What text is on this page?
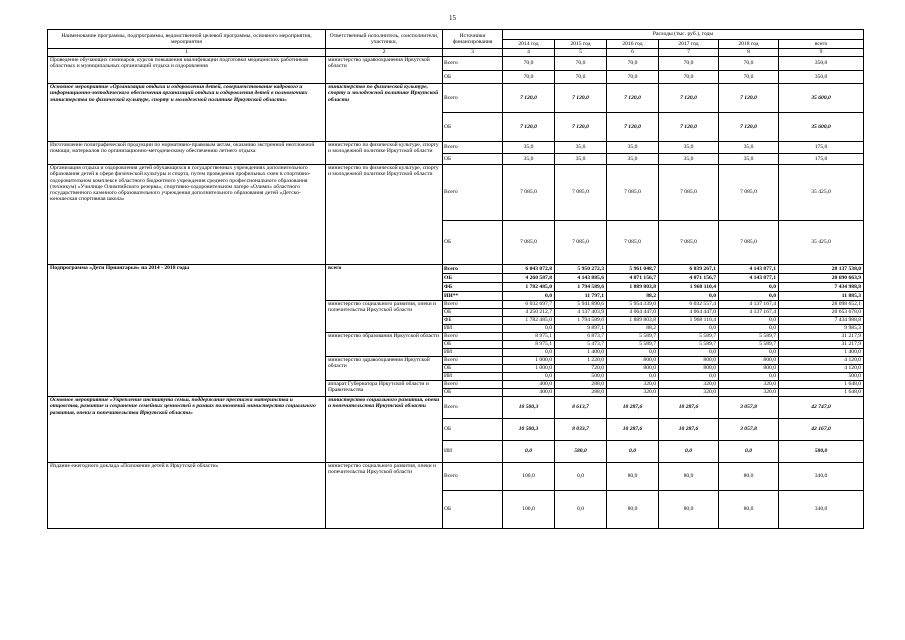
15
Наименование программы, подпрограммы, ведомственной целевой программы, основного мероприятия, мероприятия	Ответственный исполнитель, соисполнители, участники,	Источники финансирования	Расходы (тыс. руб.), годы					
			2014 год	2015 год	2016 год	2017 год	2018 год	всего
1	2	3	4	5	6	7	8	9
Проведение обучающих семинаров, курсов повышения квалификации подготовки медицинских работников областных и муниципальных организаций отдыха и оздоровления	министерство здравоохранения Иркутской области	Всего	70,0	70,0	70,0	70,0	70,0	350,0
		ОБ	70,0	70,0	70,0	70,0	70,0	350,0
Основное мероприятие «Организация отдыха и оздоровления детей, совершенствование кадрового и информационно-методического обеспечения организаций отдыха и оздоровления детей в полномочиях министерства по физической культуре, спорту и молодежной политике Иркутской области»	министерство по физической культуре, спорту и молодежной политике Иркутской области	Всего	7 120,0	7 120,0	7 120,0	7 120,0	7 120,0	35 600,0
		ОБ	7 120,0	7 120,0	7 120,0	7 120,0	7 120,0	35 600,0
Изготовление полиграфической продукции по нормативно-правовым актам, оказанию экстренной неотложной помощи, материалов по организационно-методическому обеспечению летнего отдыха	министерство по физической культуре, спорту и молодежной политике Иркутской области	Всего	35,0	35,0	35,0	35,0	35,0	175,0
		ОБ	35,0	35,0	35,0	35,0	35,0	175,0
Организация отдыха и оздоровления детей обучающихся в государственных учреждениях дополнительного образования детей в сфере физической культуры и спорта, путем проведения профильных смен в спортивно-оздоровительном комплексе областного бюджетного учреждения среднего профессионального образования (техникум) «Училище Олимпийского резерва», спортивно-оздоровительном лагере «Олимп» областного государственного казенного образовательного учреждения дополнительного образования детей «Детско-юношеская спортивная школа»	министерство по физической культуре, спорту и молодежной политике Иркутской области	Всего	7 085,0	7 085,0	7 085,0	7 085,0	7 085,0	35 425,0
		ОБ	7 085,0	7 085,0	7 085,0	7 085,0	7 085,0	35 425,0
Подпрограмма «Дети Приангарья» на 2014 - 2018 годы	всего	Всего	6 043 072,8	5 950 272,3	5 961 048,7	6 039 267,1	4 143 877,1	28 137 538,0
		ОБ	4 260 587,8	4 143 885,6	4 071 156,7	4 071 156,7	4 143 877,1	20 690 663,9
		ФБ	1 782 485,0	1 794 589,6	1 889 803,8	1 968 110,4	0,0	7 434 988,8
		ИИ**	0,0	11 797,1	88,2	0,0	0,0	11 885,3
	министерство социального развития, опеки и попечительства Иркутской области	Всего	6 032 697,7	5 941 890,6	5 954 339,0	6 032 557,4	4 137 167,4	28 098 652,1
		ОБ	4 250 212,7	4 137 403,9	4 064 447,0	4 064 447,0	4 137 167,4	20 653 678,0
		ФБ	1 782 485,0	1 794 589,6	1 889 803,8	1 968 110,4	0,0	7 434 988,8
		ИИ	0,0	9 897,1	88,2	0,0	0,0	9 985,3
	министерство образования Иркутской области	Всего	8 975,1	6 873,7	5 589,7	5 589,7	5 589,7	31 217,9
		ОБ	8 975,1	5 473,7	5 589,7	5 589,7	5 589,7	31 217,9
		ИИ	0,0	1 400,0	0,0	0,0	0,0	1 400,0
	министерство здравоохранения Иркутской области	Всего	1 000,0	1 220,0	800,0	800,0	800,0	4 120,0
		ОБ	1 000,0	720,0	800,0	800,0	800,0	4 120,0
		ИИ	0,0	500,0	0,0	0,0	0,0	500,0
	аппарат Губернатора Иркутской области и Правительства	Всего	400,0	288,0	320,0	320,0	320,0	1 648,0
		ОБ	400,0	288,0	320,0	320,0	320,0	1 648,0
Основное мероприятие «Укрепление института семьи, поддержание престижа материнства и отцовства, развитие и сохранение семейных ценностей в рамках полномочий министерства социального развития, опеки и попечительства Иркутской области»	министерство социального развития, опеки и попечительства Иркутской области	Всего	10 500,3	8 613,7	10 287,6	10 287,6	3 057,8	42 747,0
		ОБ	10 500,3	8 033,7	10 287,6	10 287,6	3 057,8	42 167,0
		ИИ	0,0	580,0	0,0	0,0	0,0	580,0
Издание ежегодного доклада «Положение детей в Иркутской области»	министерство социального развития, опеки и попечительства Иркутской области	Всего	100,0	0,0	80,0	80,0	80,0	340,0
		ОБ	100,0	0,0	80,0	80,0	80,0	340,0
